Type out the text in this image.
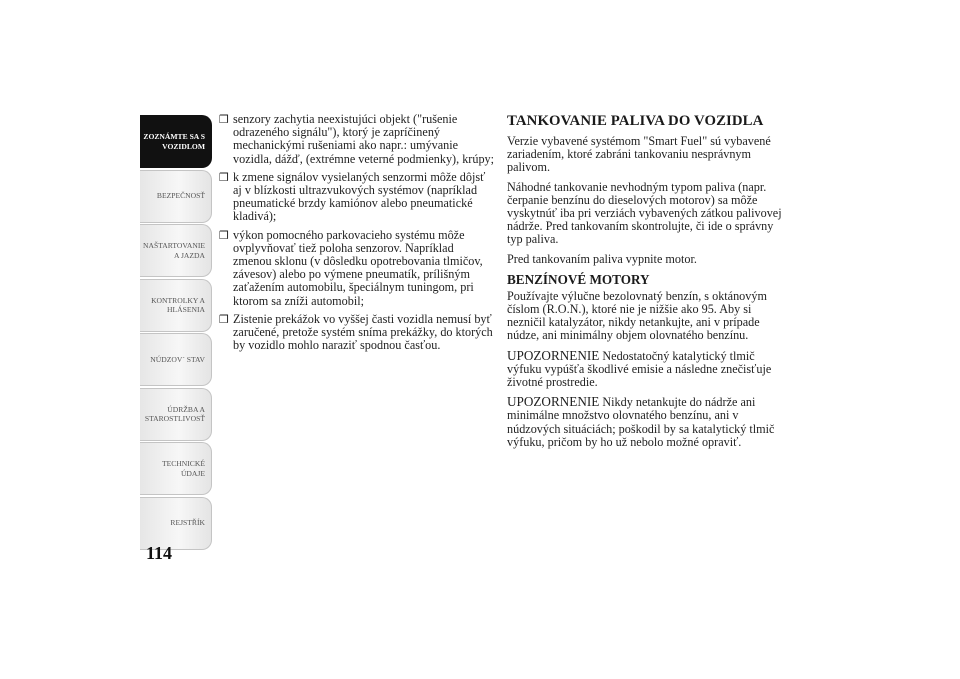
ZOZNÁMTE SA S
VOZIDLOM
BEZPEČNOSŤ
NAŠTARTOVANIE
A JAZDA
KONTROLKY A
HLÁSENIA
NÚDZOV´ STAV
ÚDRŽBA A
STAROSTLIVOSŤ
TECHNICKÉ
ÚDAJE
REJSTŘÍK
114
❒ senzory zachytia neexistujúci objekt ("rušenie odrazeného signálu"), ktorý je zapríčinený mechanickými rušeniami ako napr.: umývanie vozidla, dážď, (extrémne veterné podmienky), krúpy;
❒ k zmene signálov vysielaných senzormi môže dôjsť aj v blízkosti ultrazvukových systémov (napríklad pneumatické brzdy kamiónov alebo pneumatické kladivá);
❒ výkon pomocného parkovacieho systému môže ovplyvňovať tiež poloha senzorov. Napríklad zmenou sklonu (v dôsledku opotrebovania tlmičov, závesov) alebo po výmene pneumatík, prílišným zaťažením automobilu, špeciálnym tuningom, pri ktorom sa zníži automobil;
❒ Zistenie prekážok vo vyššej časti vozidla nemusí byť zaručené, pretože systém sníma prekážky, do ktorých by vozidlo mohlo naraziť spodnou časťou.
TANKOVANIE PALIVA DO VOZIDLA

Verzie vybavené systémom "Smart Fuel" sú vybavené zariadením, ktoré zabráni tankovaniu nesprávnym palivom.

Náhodné tankovanie nevhodným typom paliva (napr. čerpanie benzínu do dieselových motorov) sa môže vyskytnúť iba pri verziách vybavených zátkou palivovej nádrže. Pred tankovaním skontrolujte, či ide o správny typ paliva.

Pred tankovaním paliva vypnite motor.

BENZÍNOVÉ MOTORY

Používajte výlučne bezolovnatý benzín, s oktánovým číslom (R.O.N.), ktoré nie je nižšie ako 95. Aby si nezničil katalyzátor, nikdy netankujte, ani v prípade núdze, ani minimálny objem olovnatého benzínu.

UPOZORNENIE Nedostatočný katalytický tlmič výfuku vypúšťa škodlivé emisie a následne znečisťuje životné prostredie.

UPOZORNENIE Nikdy netankujte do nádrže ani minimálne množstvo olovnatého benzínu, ani v núdzových situáciách; poškodil by sa katalytický tlmič výfuku, pričom by ho už nebolo možné opraviť.
